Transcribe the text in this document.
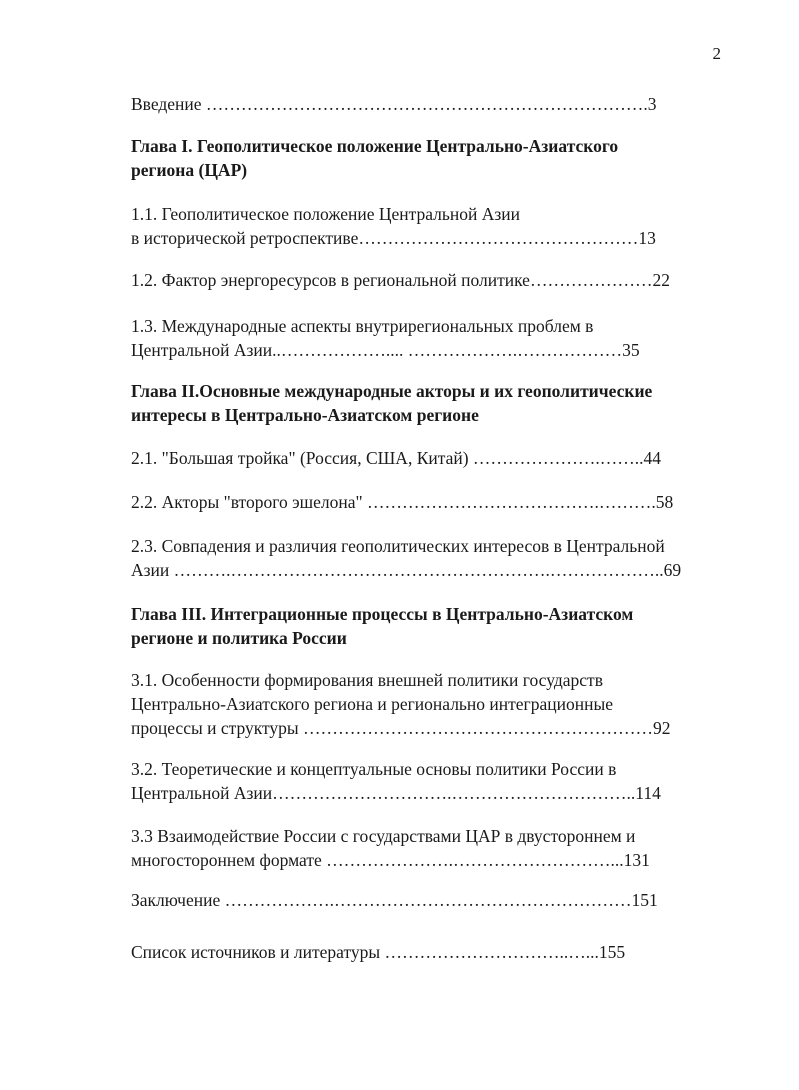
2
Введение ………………………………………………………………….3
Глава I. Геополитическое положение Центрально-Азиатского
региона (ЦАР)
1.1. Геополитическое положение Центральной Азии
в исторической ретроспективе…………………………………………13
1.2. Фактор энергоресурсов в региональной политике…………………22
1.3. Международные аспекты внутрирегиональных проблем в
Центральной Азии..……………….... ……………….………………35
Глава II.Основные международные акторы и их геополитические
интересы в Центрально-Азиатском регионе
2.1. "Большая тройка" (Россия, США, Китай) ………………….……..44
2.2. Акторы "второго эшелона" ………………………………….……….58
2.3. Совпадения и различия геополитических интересов в Центральной
Азии ……….……………………………………………….………………..69
Глава III. Интеграционные процессы в Центрально-Азиатском
регионе и политика России
3.1. Особенности формирования внешней политики государств
Центрально-Азиатского региона и регионально интеграционные
процессы и структуры ……………………………………………………92
3.2. Теоретические и концептуальные основы политики России в
Центральной Азии………………………….…………………………..114
3.3 Взаимодействие России с государствами ЦАР в двустороннем и
многостороннем формате ………………….………………………...131
Заключение ……………….……………………………………………151
Список источников и литературы …………………………..…...155
